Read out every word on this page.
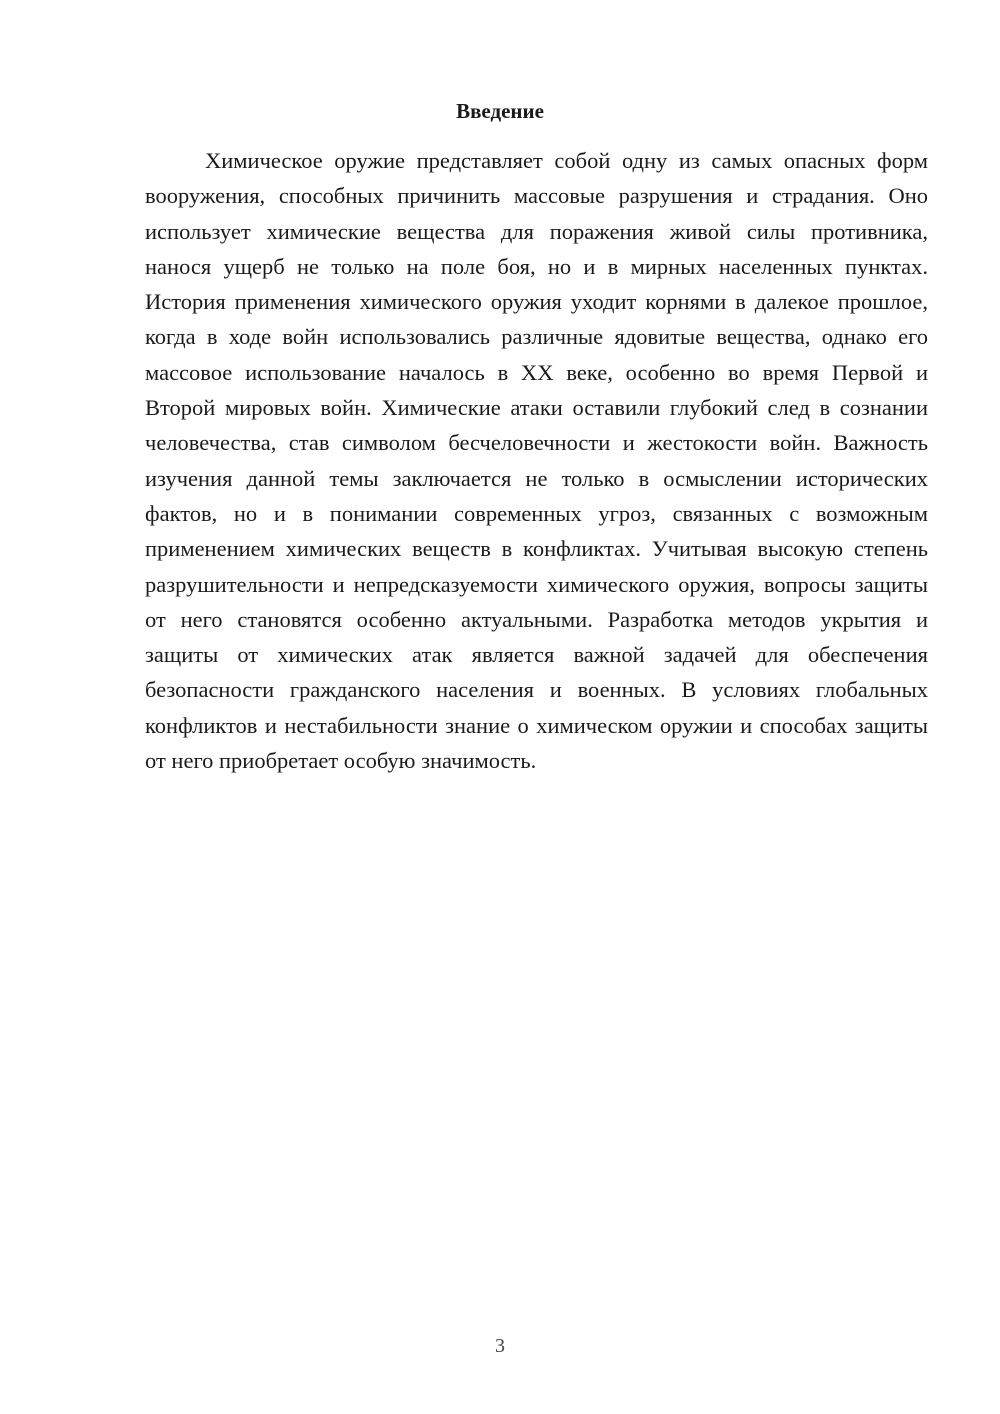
Введение

Химическое оружие представляет собой одну из самых опасных форм вооружения, способных причинить массовые разрушения и страдания. Оно использует химические вещества для поражения живой силы противника, нанося ущерб не только на поле боя, но и в мирных населенных пунктах. История применения химического оружия уходит корнями в далекое прошлое, когда в ходе войн использовались различные ядовитые вещества, однако его массовое использование началось в XX веке, особенно во время Первой и Второй мировых войн. Химические атаки оставили глубокий след в сознании человечества, став символом бесчеловечности и жестокости войн. Важность изучения данной темы заключается не только в осмыслении исторических фактов, но и в понимании современных угроз, связанных с возможным применением химических веществ в конфликтах. Учитывая высокую степень разрушительности и непредсказуемости химического оружия, вопросы защиты от него становятся особенно актуальными. Разработка методов укрытия и защиты от химических атак является важной задачей для обеспечения безопасности гражданского населения и военных. В условиях глобальных конфликтов и нестабильности знание о химическом оружии и способах защиты от него приобретает особую значимость.

3
